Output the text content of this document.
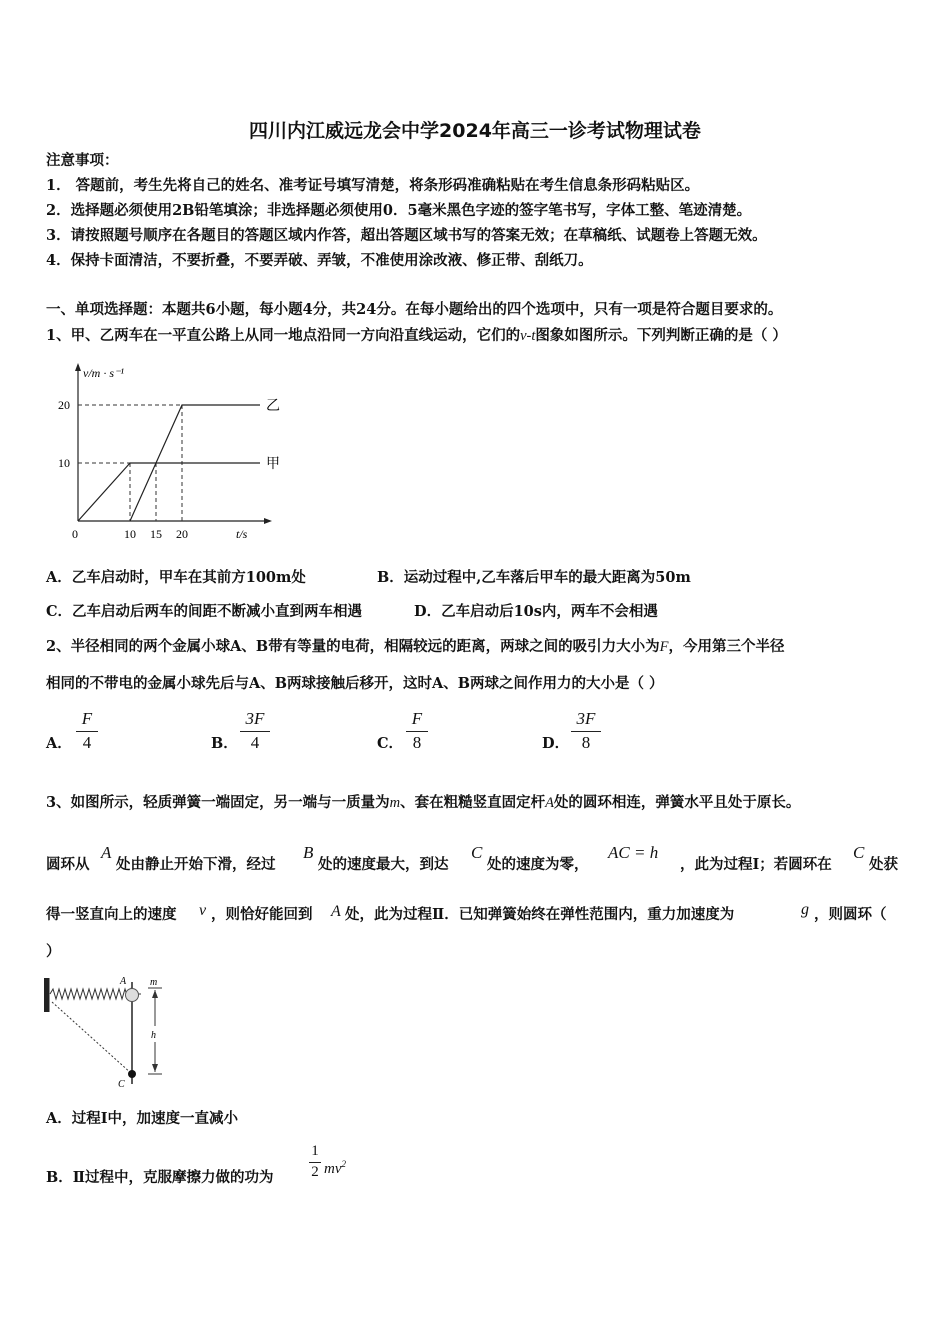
四川内江威远龙会中学2024年高三一诊考试物理试卷
注意事项：
1． 答题前，考生先将自己的姓名、准考证号填写清楚，将条形码准确粘贴在考生信息条形码粘贴区。
2．选择题必须使用2B铅笔填涂；非选择题必须使用0．5毫米黑色字迹的签字笔书写，字体工整、笔迹清楚。
3．请按照题号顺序在各题目的答题区域内作答，超出答题区域书写的答案无效；在草稿纸、试题卷上答题无效。
4．保持卡面清洁，不要折叠，不要弄破、弄皱，不准使用涂改液、修正带、刮纸刀。
一、单项选择题：本题共6小题，每小题4分，共24分。在每小题给出的四个选项中，只有一项是符合题目要求的。
1、甲、乙两车在一平直公路上从同一地点沿同一方向沿直线运动，它们的v-t图象如图所示。下列判断正确的是（ ）
v/m · s⁻¹
t/s
10
20
0	10 15 20
甲
乙
A．乙车启动时，甲车在其前方100m处	B．运动过程中,乙车落后甲车的最大距离为50m
C．乙车启动后两车的间距不断减小直到两车相遇	D．乙车启动后10s内，两车不会相遇
2、半径相同的两个金属小球A、B带有等量的电荷，相隔较远的距离，两球之间的吸引力大小为F，今用第三个半径
相同的不带电的金属小球先后与A、B两球接触后移开，这时A、B两球之间作用力的大小是（ ）
A．
F
4	B．
3F
4	C．
F
8	D．
3F
8
3、如图所示，轻质弹簧一端固定，另一端与一质量为m、套在粗糙竖直固定杆A处的圆环相连，弹簧水平且处于原长。
圆环从
A
处由静止开始下滑，经过
B
处的速度最大，到达
C
处的速度为零，
AC = h
，此为过程Ⅰ；若圆环在
C
处获
得一竖直向上的速度 v ，则恰好能回到 A 处，此为过程Ⅱ．已知弹簧始终在弹性范围内，重力加速度为	g ，则圆环（
）
A m
h
C
A．过程Ⅰ中，加速度一直减小
B．Ⅱ过程中，克服摩擦力做的功为
1
2 $mv^2$
